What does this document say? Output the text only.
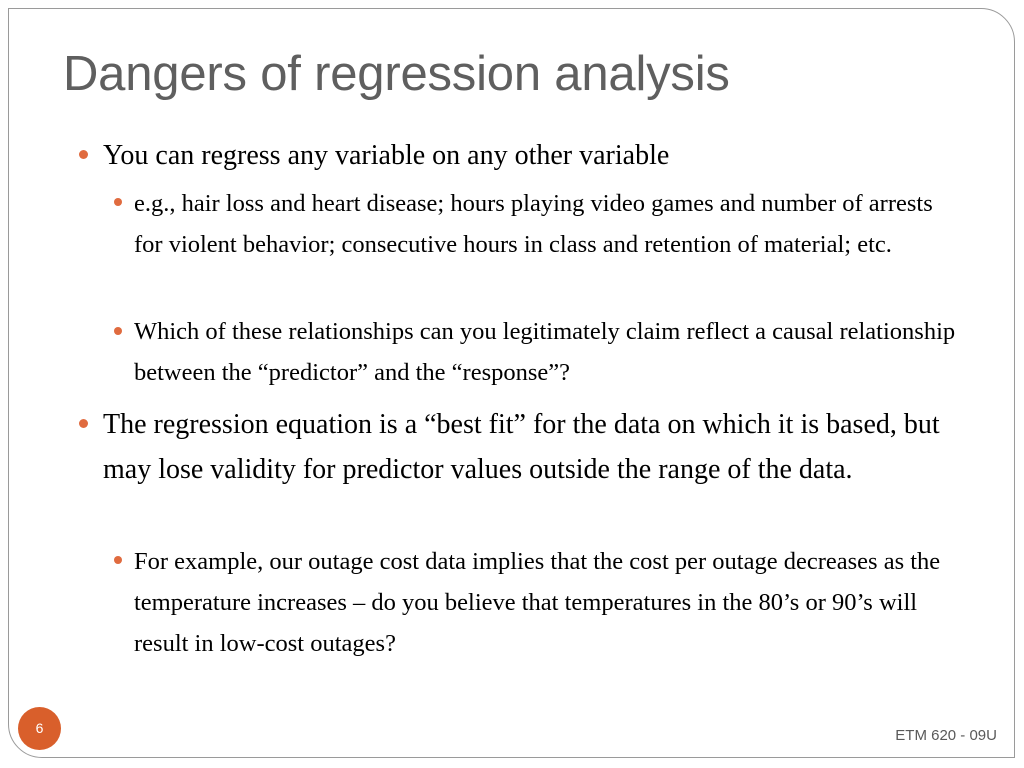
Dangers of regression analysis
You can regress any variable on any other variable
e.g., hair loss and heart disease; hours playing video games and number of arrests for violent behavior; consecutive hours in class and retention of material; etc.
Which of these relationships can you legitimately claim reflect a causal relationship between the “predictor” and the “response”?
The regression equation is a “best fit” for the data on which it is based, but may lose validity for predictor values outside the range of the data.
For example, our outage cost data implies that the cost per outage decreases as the temperature increases – do you believe that temperatures in the 80’s or 90’s will result in low-cost outages?
6	ETM 620 - 09U
